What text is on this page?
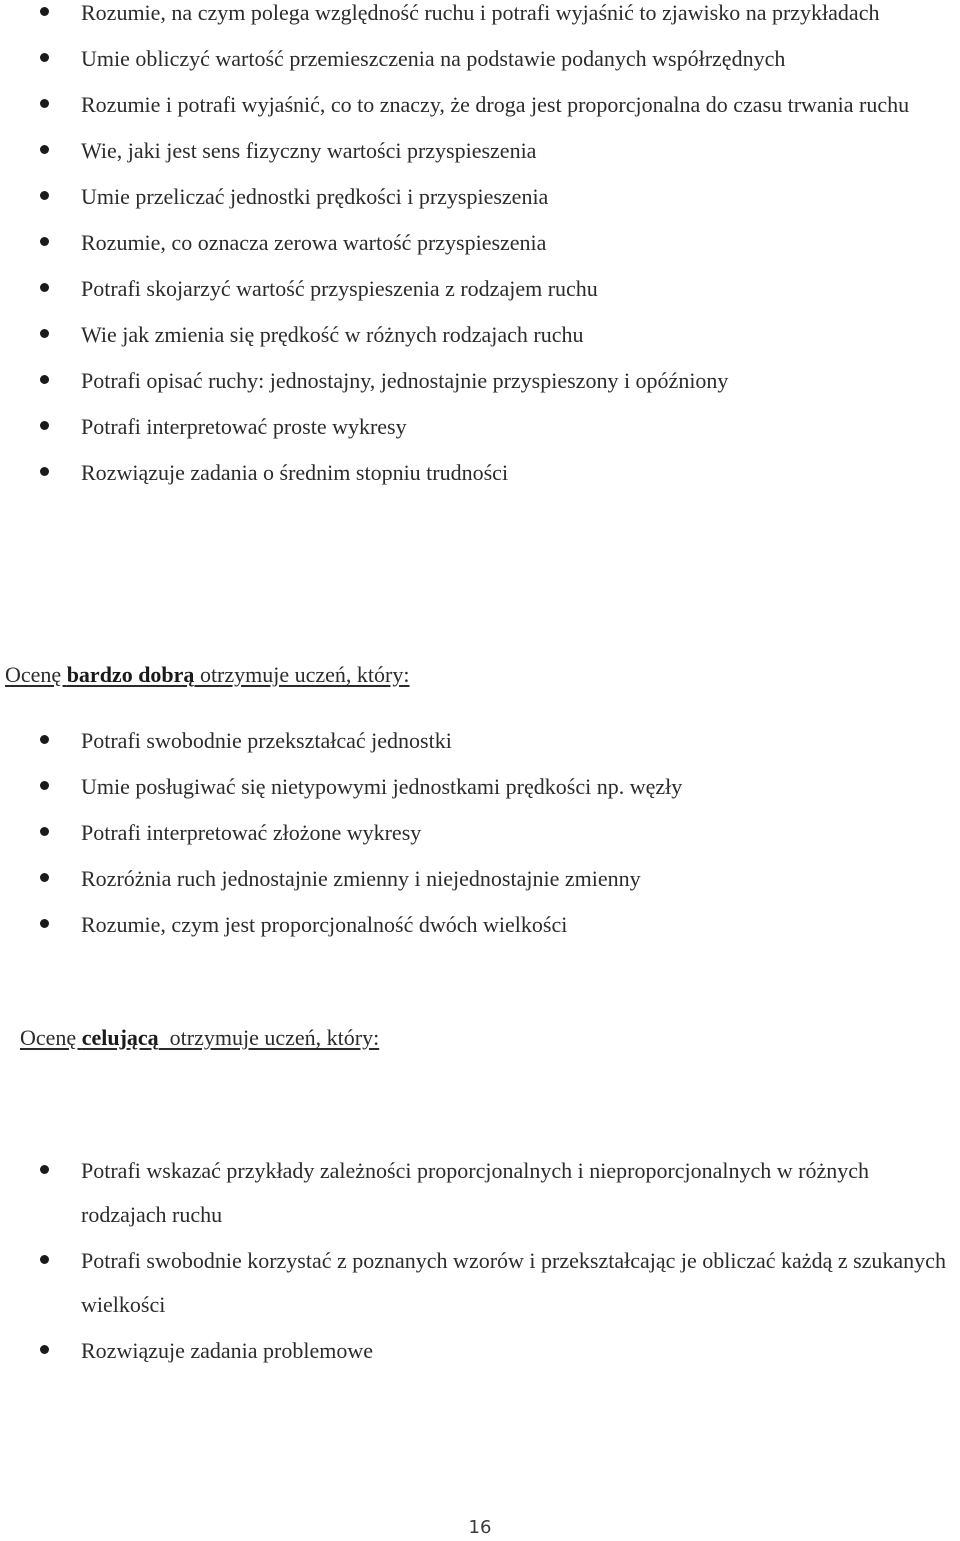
Rozumie, na czym polega względność ruchu i potrafi wyjaśnić to zjawisko na przykładach
Umie obliczyć wartość przemieszczenia na podstawie podanych współrzędnych
Rozumie i potrafi wyjaśnić, co to znaczy, że droga jest proporcjonalna do czasu trwania ruchu
Wie, jaki jest sens fizyczny wartości przyspieszenia
Umie przeliczać jednostki prędkości i przyspieszenia
Rozumie, co oznacza zerowa wartość przyspieszenia
Potrafi skojarzyć wartość przyspieszenia z rodzajem ruchu
Wie jak zmienia się prędkość w różnych rodzajach ruchu
Potrafi opisać ruchy: jednostajny, jednostajnie przyspieszony i opóźniony
Potrafi interpretować proste wykresy
Rozwiązuje zadania o średnim stopniu trudności

Ocenę bardzo dobrą otrzymuje uczeń, który:

Potrafi swobodnie przekształcać jednostki
Umie posługiwać się nietypowymi jednostkami prędkości np. węzły
Potrafi interpretować złożone wykresy
Rozróżnia ruch jednostajnie zmienny i niejednostajnie zmienny
Rozumie, czym jest proporcjonalność dwóch wielkości

Ocenę celującą  otrzymuje uczeń, który:

Potrafi wskazać przykłady zależności proporcjonalnych i nieproporcjonalnych w różnych rodzajach ruchu
Potrafi swobodnie korzystać z poznanych wzorów i przekształcając je obliczać każdą z szukanych wielkości
Rozwiązuje zadania problemowe
16
